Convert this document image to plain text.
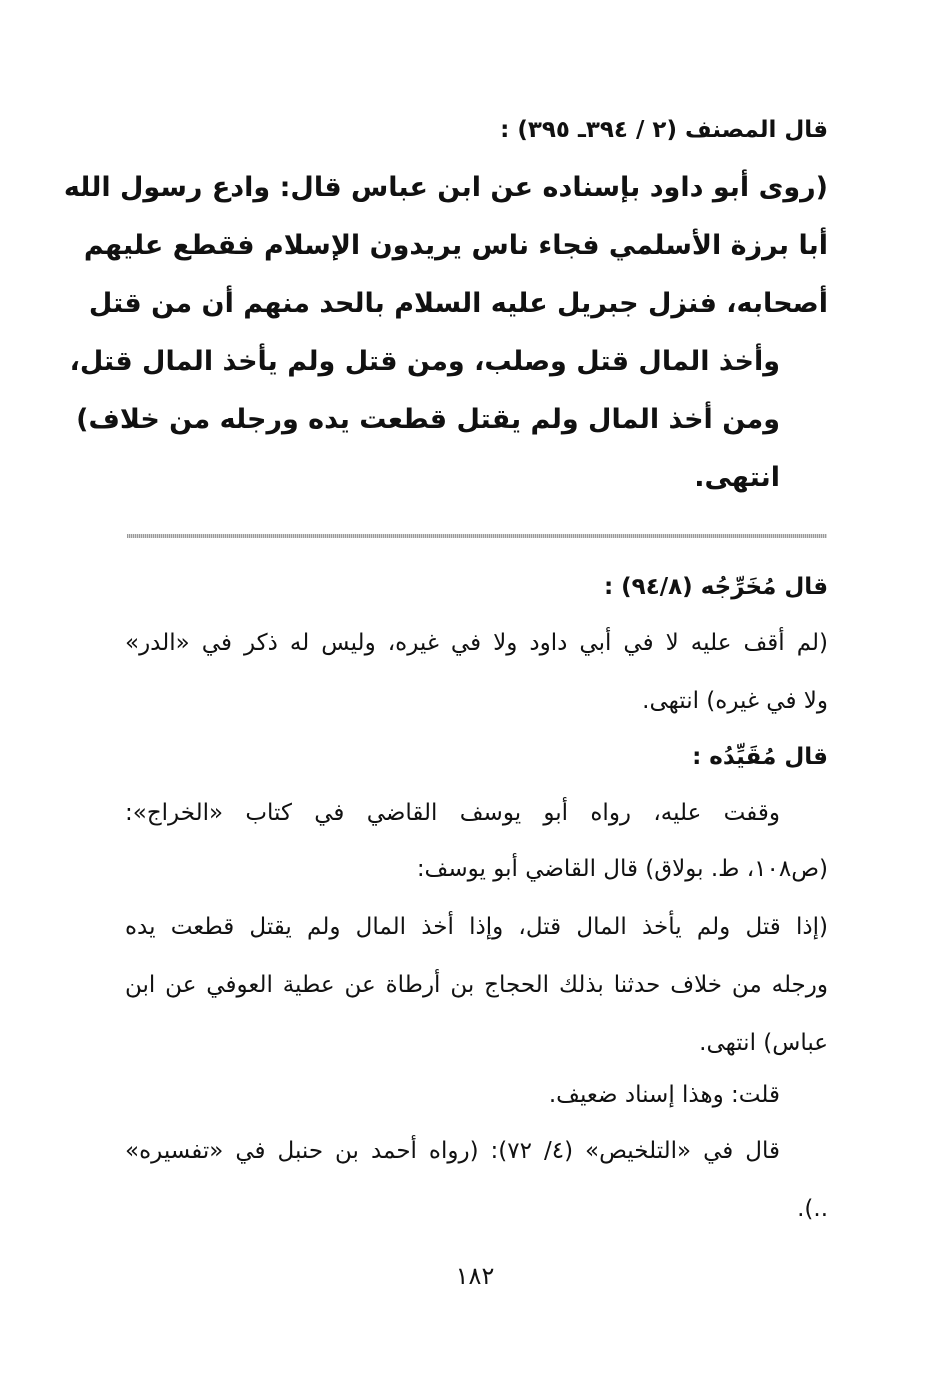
قال المصنف (٢ / ٣٩٤ـ ٣٩٥) :
(روى أبو داود بإسناده عن ابن عباس قال: وادع رسول الله
أبا برزة الأسلمي فجاء ناس يريدون الإسلام فقطع عليهم
أصحابه، فنزل جبريل عليه السلام بالحد منهم أن من قتل
وأخذ المال قتل وصلب، ومن قتل ولم يأخذ المال قتل،
ومن أخذ المال ولم يقتل قطعت يده ورجله من خلاف)
انتهى.
قال مُخَرِّجُه (٩٤/٨) :
(لم أقف عليه لا في أبي داود ولا في غيره، وليس له ذكر في «الدر»
ولا في غيره) انتهى.
قال مُقَيِّدُه :
وقفت عليه، رواه أبو يوسف القاضي في كتاب «الخراج»:
(ص١٠٨، ط. بولاق) قال القاضي أبو يوسف:
(إذا قتل ولم يأخذ المال قتل، وإذا أخذ المال ولم يقتل قطعت يده
ورجله من خلاف حدثنا بذلك الحجاج بن أرطاة عن عطية العوفي عن ابن
عباس) انتهى.
قلت: وهذا إسناد ضعيف.
قال في «التلخيص» (٤/ ٧٢): (رواه أحمد بن حنبل في «تفسيره»
..).
١٨٢
